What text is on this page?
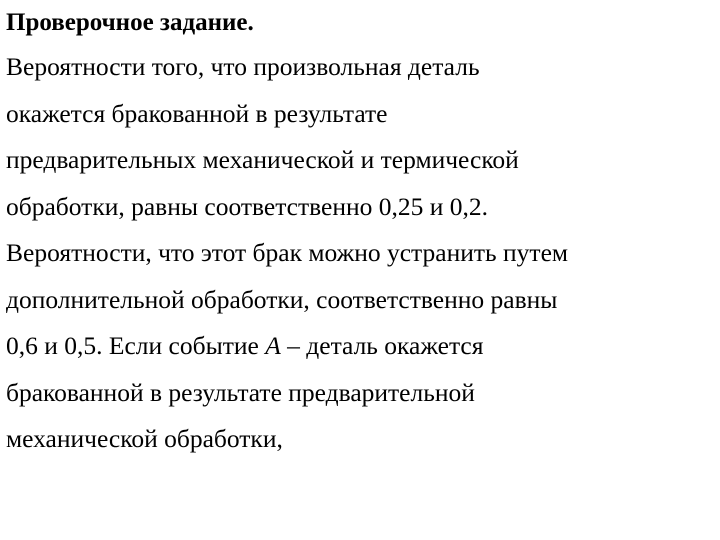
Проверочное задание.
Вероятности того, что произвольная деталь
окажется бракованной в результате
предварительных механической и термической
обработки, равны соответственно 0,25 и 0,2.
Вероятности, что этот брак можно устранить путем
дополнительной обработки, соответственно равны
0,6 и 0,5. Если событие A – деталь окажется
бракованной в результате предварительной
механической обработки,
